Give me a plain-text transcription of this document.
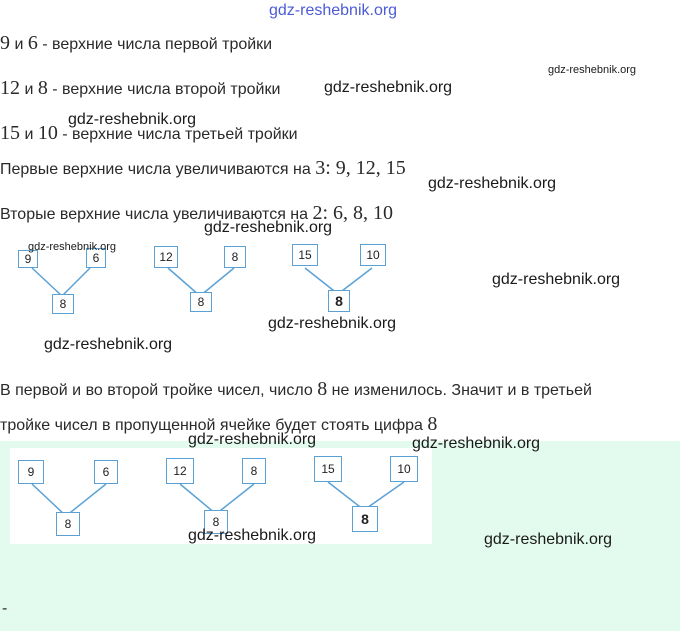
gdz-reshebnik.org
9 и 6 - верхние числа первой тройки
12 и 8 - верхние числа второй тройки
15 и 10 - верхние числа третьей тройки
Первые верхние числа увеличиваются на 3: 9, 12, 15
Вторые верхние числа увеличиваются на 2: 6, 8, 10
9	6
8
12	8
8
15	10
8
В первой и во второй тройке чисел, число 8 не изменилось. Значит и в третьей
тройке чисел в пропущенной ячейке будет стоять цифра 8
9	6
8
12	8
8
15	10
8
-
gdz-reshebnik.org
gdz-reshebnik.org
gdz-reshebnik.org
gdz-reshebnik.org
gdz-reshebnik.org
gdz-reshebnik.org
gdz-reshebnik.org
gdz-reshebnik.org
gdz-reshebnik.org
gdz-reshebnik.org	gdz-reshebnik.org
gdz-reshebnik.org	gdz-reshebnik.org
